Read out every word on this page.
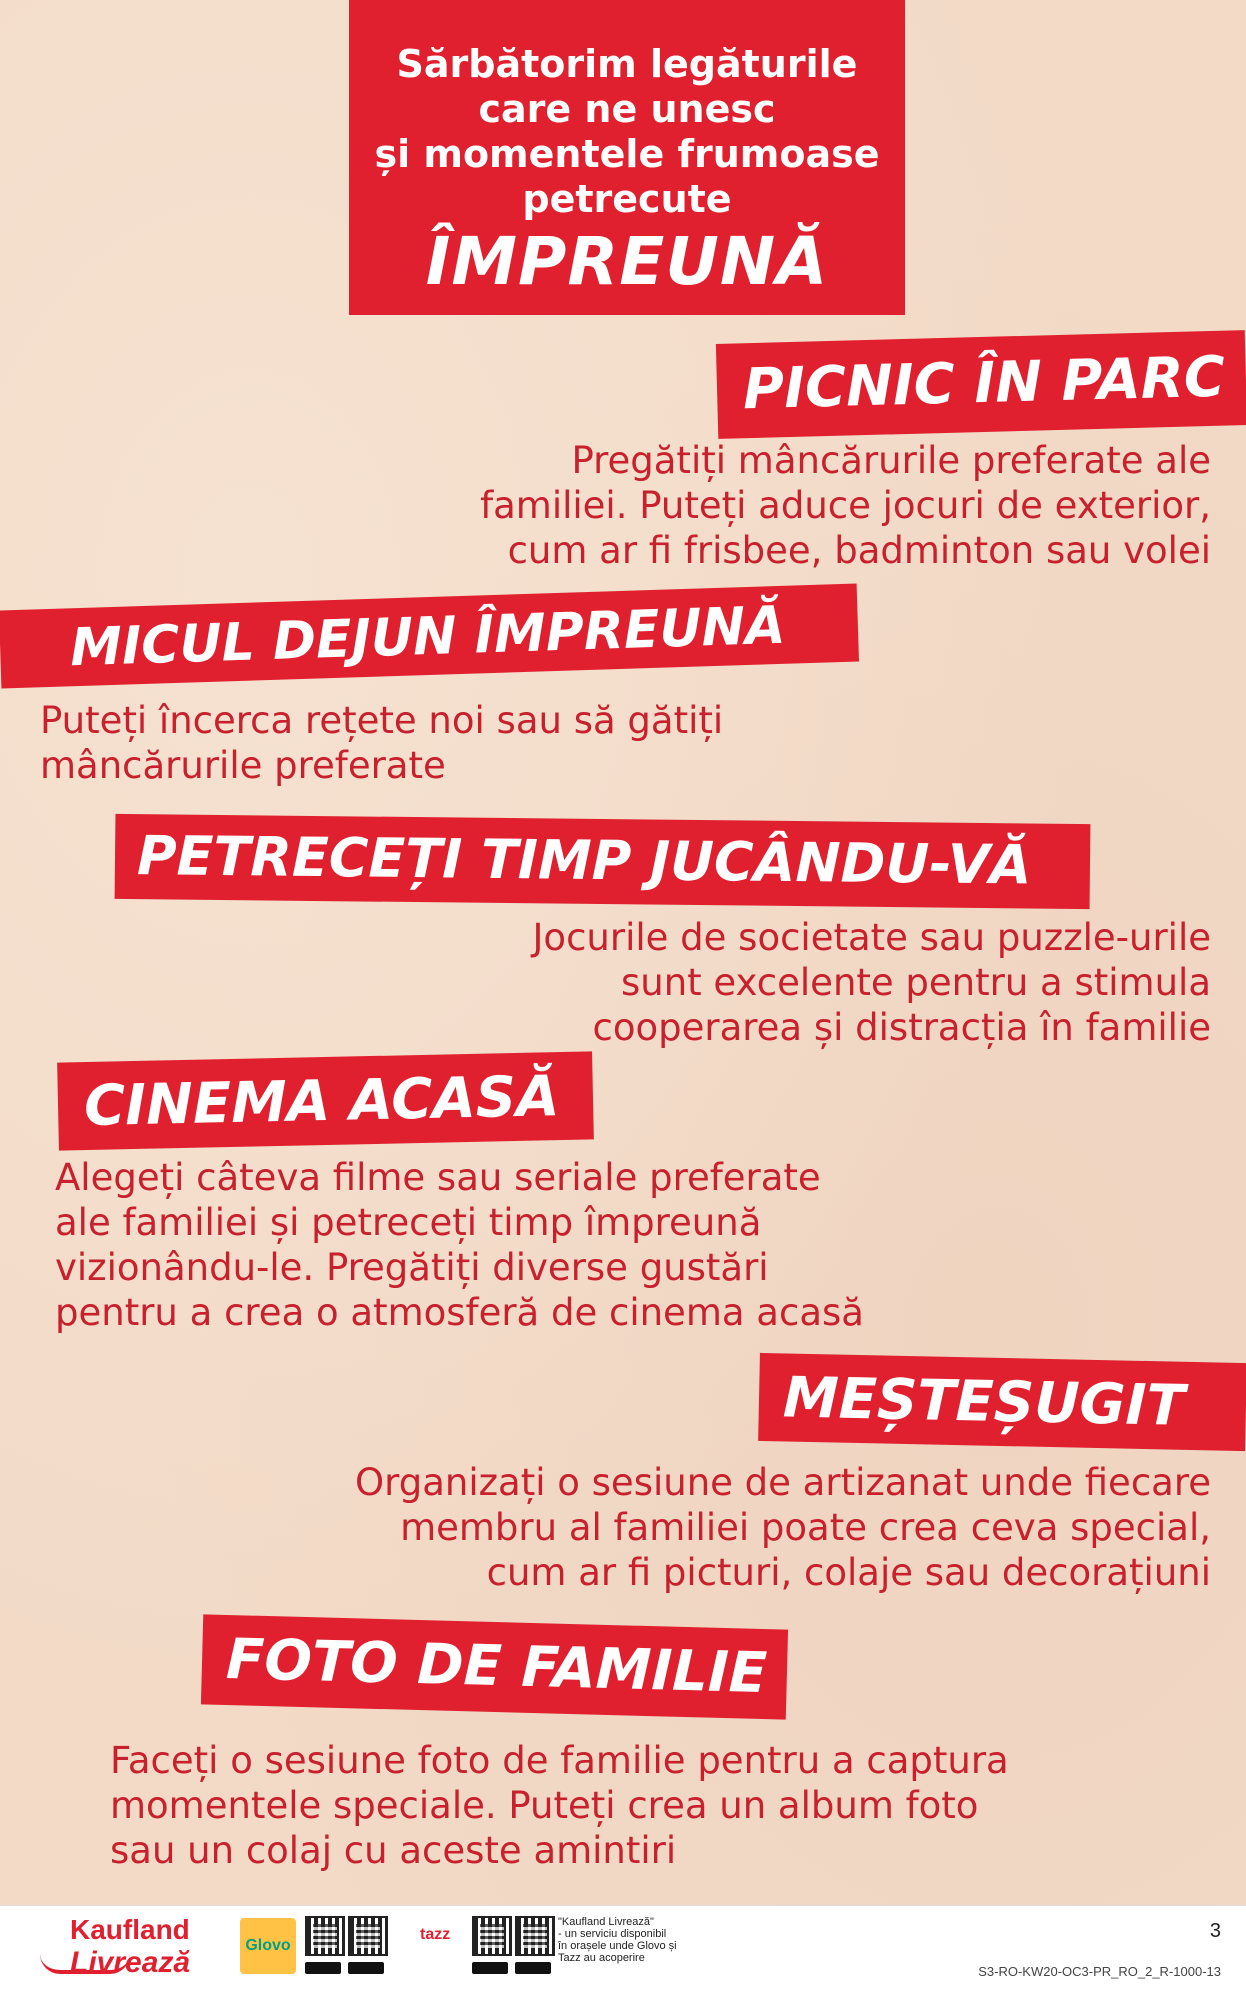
Sărbătorim legăturile
care ne unesc
și momentele frumoase
petrecute
ÎMPREUNĂ
PICNIC ÎN PARC
Pregătiți mâncărurile preferate ale
familiei. Puteți aduce jocuri de exterior,
cum ar fi frisbee, badminton sau volei
MICUL DEJUN ÎMPREUNĂ
Puteți încerca rețete noi sau să gătiți
mâncărurile preferate
PETRECEȚI TIMP JUCÂNDU-VĂ
Jocurile de societate sau puzzle-urile
sunt excelente pentru a stimula
cooperarea și distracția în familie
CINEMA ACASĂ
Alegeți câteva filme sau seriale preferate
ale familiei și petreceți timp împreună
vizionându-le. Pregătiți diverse gustări
pentru a crea o atmosferă de cinema acasă
MEȘTEȘUGIT
Organizați o sesiune de artizanat unde fiecare
membru al familiei poate crea ceva special,
cum ar fi picturi, colaje sau decorațiuni
FOTO DE FAMILIE
Faceți o sesiune foto de familie pentru a captura
momentele speciale. Puteți crea un album foto
sau un colaj cu aceste amintiri
Kaufland
Livrează
Glovo
tazz
"Kaufland Livrează"
- un serviciu disponibil
în orașele unde Glovo și
Tazz au acoperire
3
S3-RO-KW20-OC3-PR_RO_2_R-1000-13
